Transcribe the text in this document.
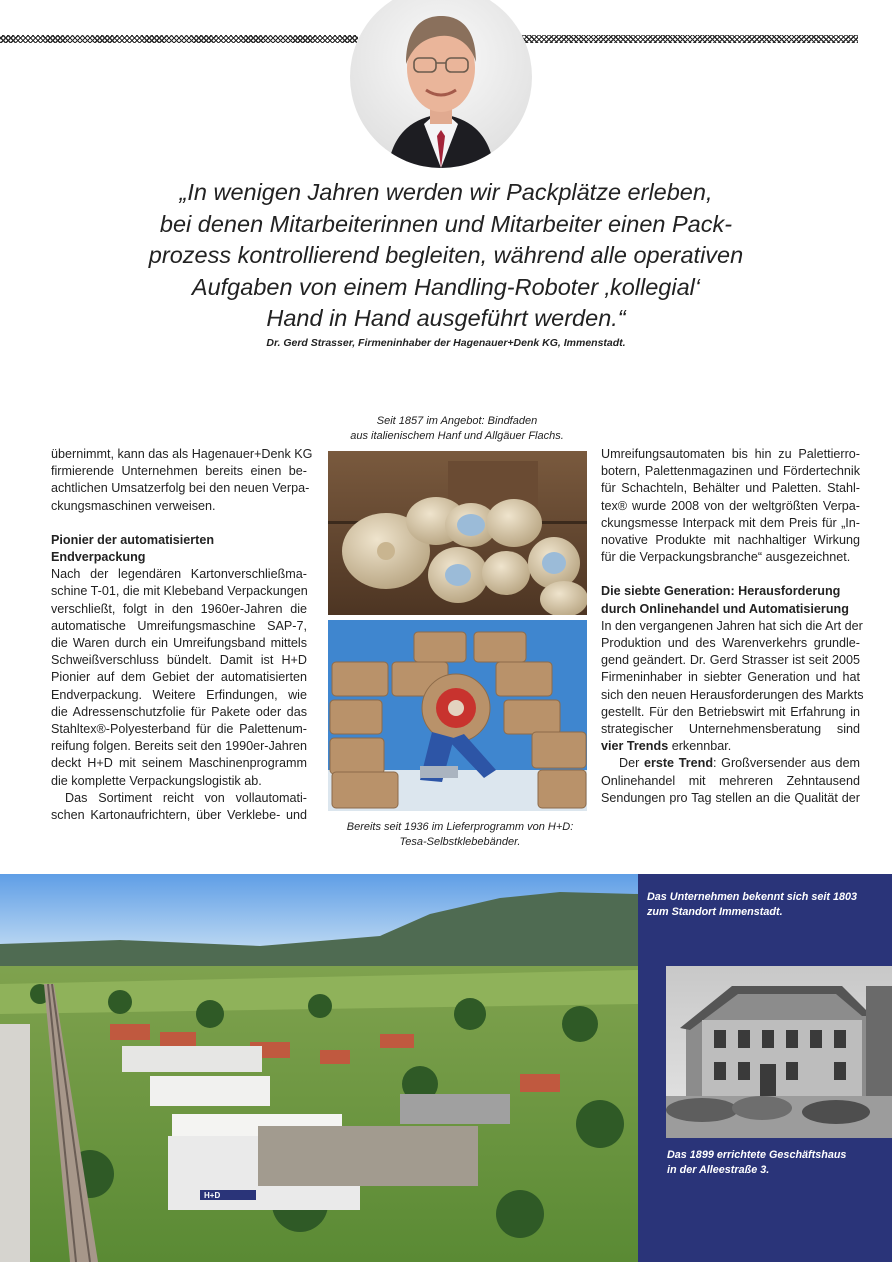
„In wenigen Jahren werden wir Packplätze erleben,
bei denen Mitarbeiterinnen und Mitarbeiter einen Pack-
prozess kontrollierend begleiten, während alle operativen
Aufgaben von einem Handling-Roboter ‚kollegial‘
Hand in Hand ausgeführt werden.“
Dr. Gerd Strasser, Firmeninhaber der Hagenauer+Denk KG, Immenstadt.
Seit 1857 im Angebot: Bindfaden
aus italienischem Hanf und Allgäuer Flachs.

übernimmt, kann das als Hagenauer+Denk KG
firmierende Unternehmen bereits einen be-
achtlichen Umsatzerfolg bei den neuen Verpa-
ckungsmaschinen verweisen.

Pionier der automatisierten Endverpackung

Nach der legendären Kartonverschließma-
schine T-01, die mit Klebeband Verpackungen
verschließt, folgt in den 1960er-Jahren die
automatische Umreifungsmaschine SAP-7,
die Waren durch ein Umreifungsband mittels
Schweißverschluss bündelt. Damit ist H+D
Pionier auf dem Gebiet der automatisierten
Endverpackung. Weitere Erfindungen, wie
die Adressenschutzfolie für Pakete oder das
Stahltex®-Polyesterband für die Palettenum-
reifung folgen. Bereits seit den 1990er-Jahren
deckt H+D mit seinem Maschinenprogramm
die komplette Verpackungslogistik ab.

Das Sortiment reicht von vollautomati-
schen Kartonaufrichtern, über Verklebe- und

Bereits seit 1936 im Lieferprogramm von H+D:
Tesa-Selbstklebebänder.

Umreifungsautomaten bis hin zu Palettierro-
botern, Palettenmagazinen und Fördertechnik
für Schachteln, Behälter und Paletten. Stahl-
tex® wurde 2008 von der weltgrößten Verpa-
ckungsmesse Interpack mit dem Preis für „In-
novative Produkte mit nachhaltiger Wirkung
für die Verpackungsbranche“ ausgezeichnet.

Die siebte Generation: Herausforderung
durch Onlinehandel und Automatisierung

In den vergangenen Jahren hat sich die Art der
Produktion und des Warenverkehrs grundle-
gend geändert. Dr. Gerd Strasser ist seit 2005
Firmeninhaber in siebter Generation und hat
sich den neuen Herausforderungen des Markts
gestellt. Für den Betriebswirt mit Erfahrung in
strategischer Unternehmensberatung sind
vier Trends erkennbar.

Der erste Trend: Großversender aus dem
Onlinehandel mit mehreren Zehntausend
Sendungen pro Tag stellen an die Qualität der

H+D
Das Unternehmen bekennt sich seit 1803
zum Standort Immenstadt.
Das 1899 errichtete Geschäftshaus
in der Alleestraße 3.
